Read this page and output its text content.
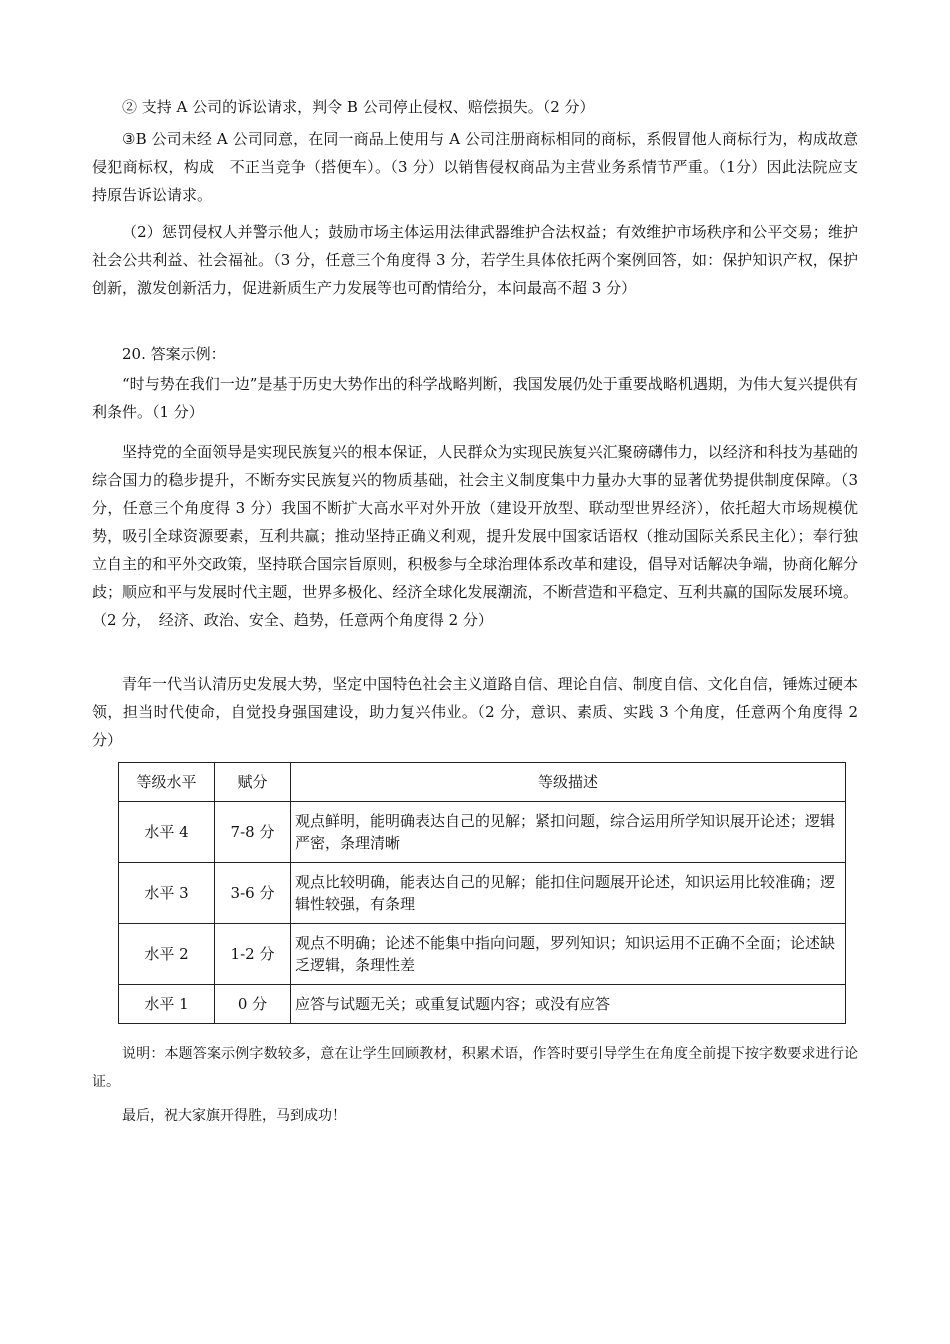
② 支持 A 公司的诉讼请求，判令 B 公司停止侵权、赔偿损失。（2 分）

③B 公司未经 A 公司同意，在同一商品上使用与 A 公司注册商标相同的商标，系假冒他人商标行为，构成故意侵犯商标权，构成　不正当竞争（搭便车）。（3 分）以销售侵权商品为主营业务系情节严重。（1分）因此法院应支持原告诉讼请求。

（2）惩罚侵权人并警示他人；鼓励市场主体运用法律武器维护合法权益；有效维护市场秩序和公平交易；维护社会公共利益、社会福祉。（3 分，任意三个角度得 3 分，若学生具体依托两个案例回答，如：保护知识产权，保护创新，激发创新活力，促进新质生产力发展等也可酌情给分，本问最高不超 3 分）

20. 答案示例：

“时与势在我们一边”是基于历史大势作出的科学战略判断，我国发展仍处于重要战略机遇期，为伟大复兴提供有利条件。（1 分）

坚持党的全面领导是实现民族复兴的根本保证，人民群众为实现民族复兴汇聚磅礴伟力，以经济和科技为基础的综合国力的稳步提升，不断夯实民族复兴的物质基础，社会主义制度集中力量办大事的显著优势提供制度保障。（3 分，任意三个角度得 3 分）我国不断扩大高水平对外开放（建设开放型、联动型世界经济），依托超大市场规模优势，吸引全球资源要素，互利共赢；推动坚持正确义利观，提升发展中国家话语权（推动国际关系民主化）；奉行独立自主的和平外交政策，坚持联合国宗旨原则，积极参与全球治理体系改革和建设，倡导对话解决争端，协商化解分歧；顺应和平与发展时代主题，世界多极化、经济全球化发展潮流，不断营造和平稳定、互利共赢的国际发展环境。（2 分，　经济、政治、安全、趋势，任意两个角度得 2 分）

青年一代当认清历史发展大势，坚定中国特色社会主义道路自信、理论自信、制度自信、文化自信，锤炼过硬本领，担当时代使命，自觉投身强国建设，助力复兴伟业。（2 分，意识、素质、实践 3 个角度，任意两个角度得 2 分）

等级水平	赋分	等级描述
水平 4	7-8 分	观点鲜明，能明确表达自己的见解；紧扣问题，综合运用所学知识展开论述；逻辑严密，条理清晰
水平 3	3-6 分	观点比较明确，能表达自己的见解；能扣住问题展开论述，知识运用比较准确；逻辑性较强，有条理
水平 2	1-2 分	观点不明确；论述不能集中指向问题，罗列知识；知识运用不正确不全面；论述缺乏逻辑，条理性差
水平 1	0 分	应答与试题无关；或重复试题内容；或没有应答

说明：本题答案示例字数较多，意在让学生回顾教材，积累术语，作答时要引导学生在角度全前提下按字数要求进行论证。

最后，祝大家旗开得胜，马到成功！
